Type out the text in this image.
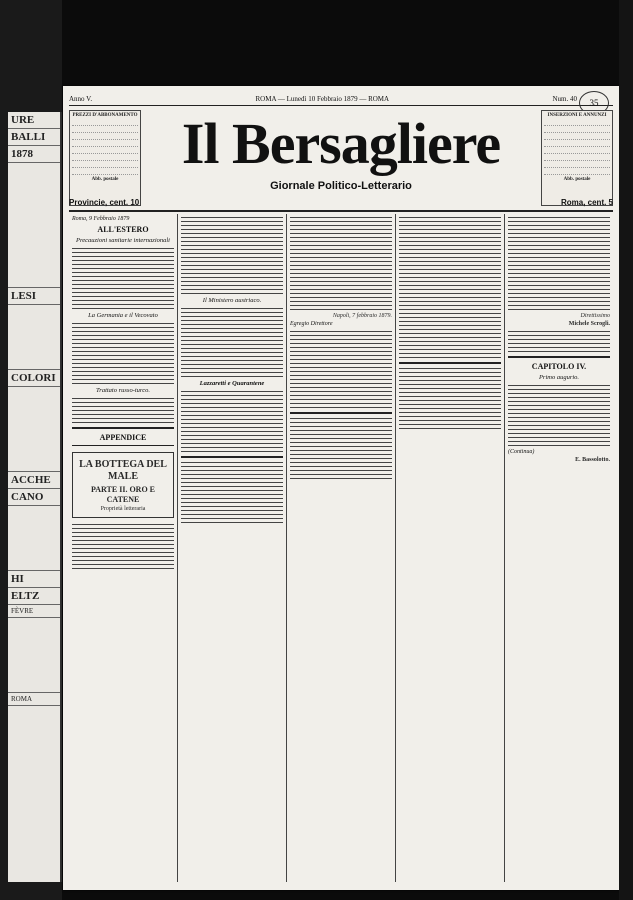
URE
BALLI
1878
LESI
COLORI
ACCHE
CANO
HI
ELTZ
FÈVRE
ROMA
Anno V.	ROMA — Lunedì 10 Febbraio 1879 — ROMA	Num. 40	35
PREZZI D'ABBONAMENTO
Abb. postale
Il Bersagliere	INSERZIONI E ANNUNZI
Abb. postale
Giornale Politico-Letterario
Provincie, cent. 10	Roma, cent. 5
Roma, 9 Febbraio 1879
ALL'ESTERO
Precauzioni sanitarie internazionali
La Germania e il Vecovato
Trattato russo-turco.
APPENDICE
LA BOTTEGA DEL MALE
PARTE II. ORO E CATENE
Proprietà letteraria
Il Ministero austriaco.
Lazzaretti e Quarantene
Napoli, 7 febbraio 1879.
Egregio Direttore
Direttissimo
Michele Scrogli.
CAPITOLO IV.
Primo augurio.
(Continua)
E. Bassolotto.
